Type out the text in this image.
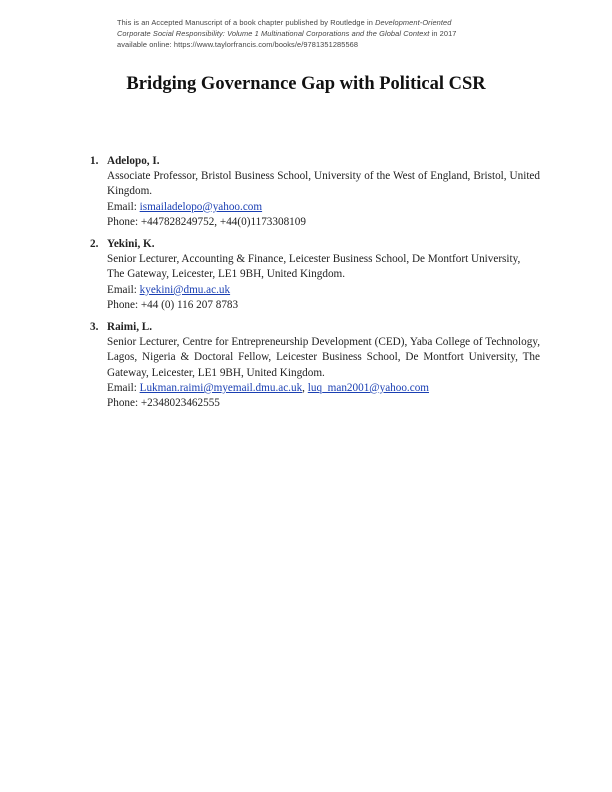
This is an Accepted Manuscript of a book chapter published by Routledge in Development-Oriented Corporate Social Responsibility: Volume 1 Multinational Corporations and the Global Context in 2017 available online: https://www.taylorfrancis.com/books/e/9781351285568
Bridging Governance Gap with Political CSR
1. Adelopo, I.
Associate Professor, Bristol Business School, University of the West of England, Bristol, United Kingdom.
Email: ismailadelopo@yahoo.com
Phone: +447828249752, +44(0)1173308109
2. Yekini, K.
Senior Lecturer, Accounting & Finance, Leicester Business School, De Montfort University, The Gateway, Leicester, LE1 9BH, United Kingdom.
Email: kyekini@dmu.ac.uk
Phone: +44 (0) 116 207 8783
3. Raimi, L.
Senior Lecturer, Centre for Entrepreneurship Development (CED), Yaba College of Technology, Lagos, Nigeria & Doctoral Fellow, Leicester Business School, De Montfort University, The Gateway, Leicester, LE1 9BH, United Kingdom.
Email: Lukman.raimi@myemail.dmu.ac.uk, luq_man2001@yahoo.com
Phone: +2348023462555
